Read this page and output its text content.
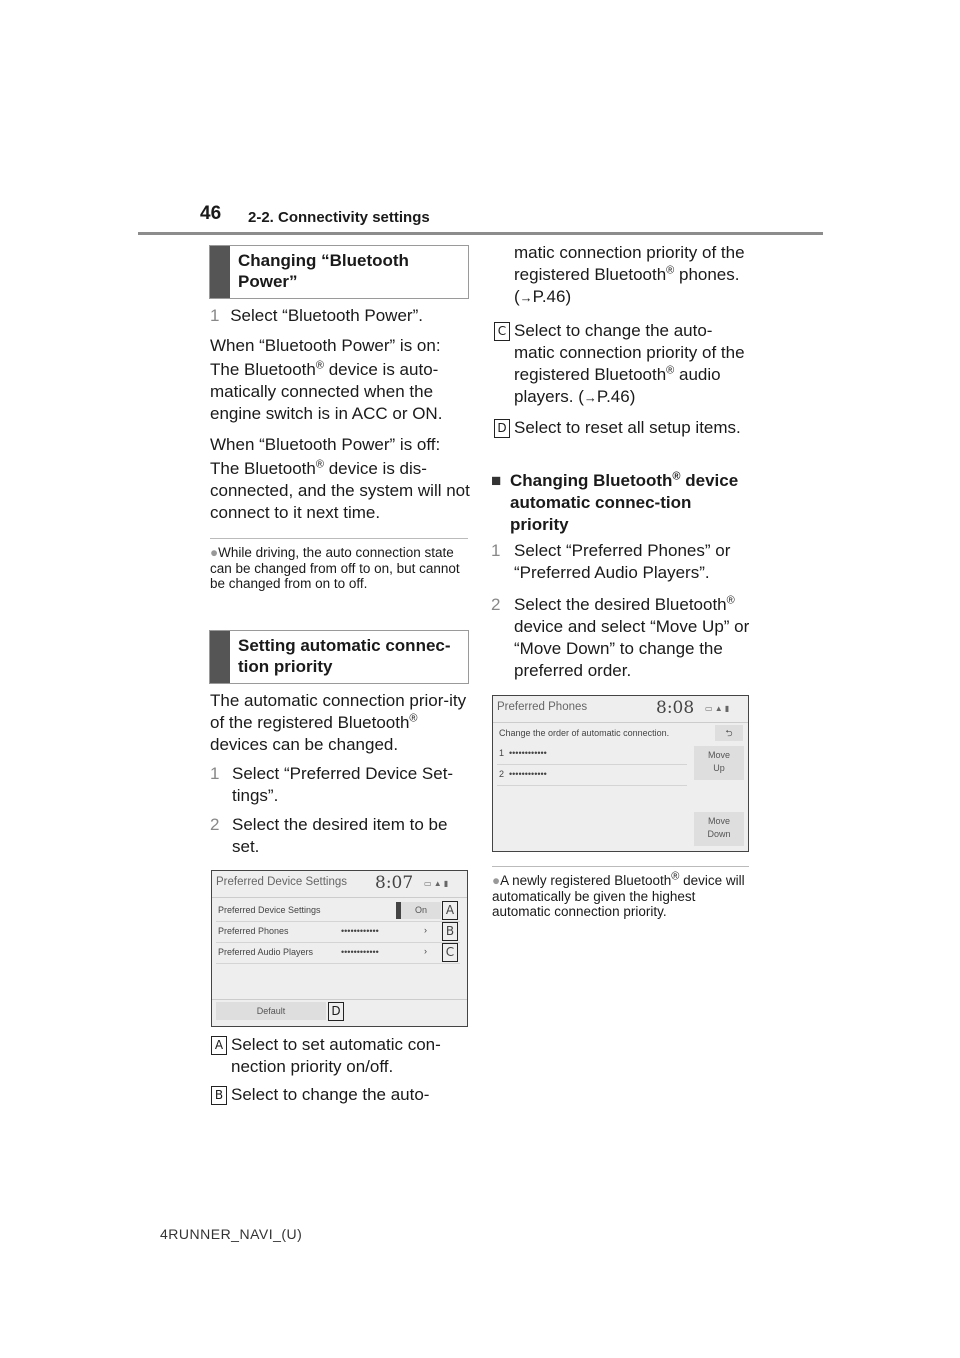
46 2-2. Connectivity settings
Changing “Bluetooth Power”
1 Select “Bluetooth Power”.
When “Bluetooth Power” is on:
The Bluetooth® device is auto-matically connected when the engine switch is in ACC or ON.
When “Bluetooth Power” is off:
The Bluetooth® device is dis-connected, and the system will not connect to it next time.
●While driving, the auto connection state can be changed from off to on, but cannot be changed from on to off.
Setting automatic connec-tion priority
The automatic connection prior-ity of the registered Bluetooth® devices can be changed.
1 Select “Preferred Device Set-tings”.
2 Select the desired item to be set.
Preferred Device Settings 8:07 ▭ ▲ ▮
Preferred Device Settings	On	A
Preferred Phones	••••••••••••	›	B
Preferred Audio Players	••••••••••••	›	C
Default	D
A Select to set automatic con-nection priority on/off.
B Select to change the auto-
matic connection priority of the registered Bluetooth® phones. (→P.46)
C Select to change the auto-matic connection priority of the registered Bluetooth® audio players. (→P.46)
D Select to reset all setup items.
■ Changing Bluetooth® device automatic connec-tion priority
1 Select “Preferred Phones” or “Preferred Audio Players”.
2 Select the desired Bluetooth® device and select “Move Up” or “Move Down” to change the preferred order.
Preferred Phones	8:08 ▭ ▲ ▮
Change the order of automatic connection.	⮌
1 ••••••••••••
2 ••••••••••••
Move
Up
Move
Down
●A newly registered Bluetooth® device will automatically be given the highest automatic connection priority.
4RUNNER_NAVI_(U)
